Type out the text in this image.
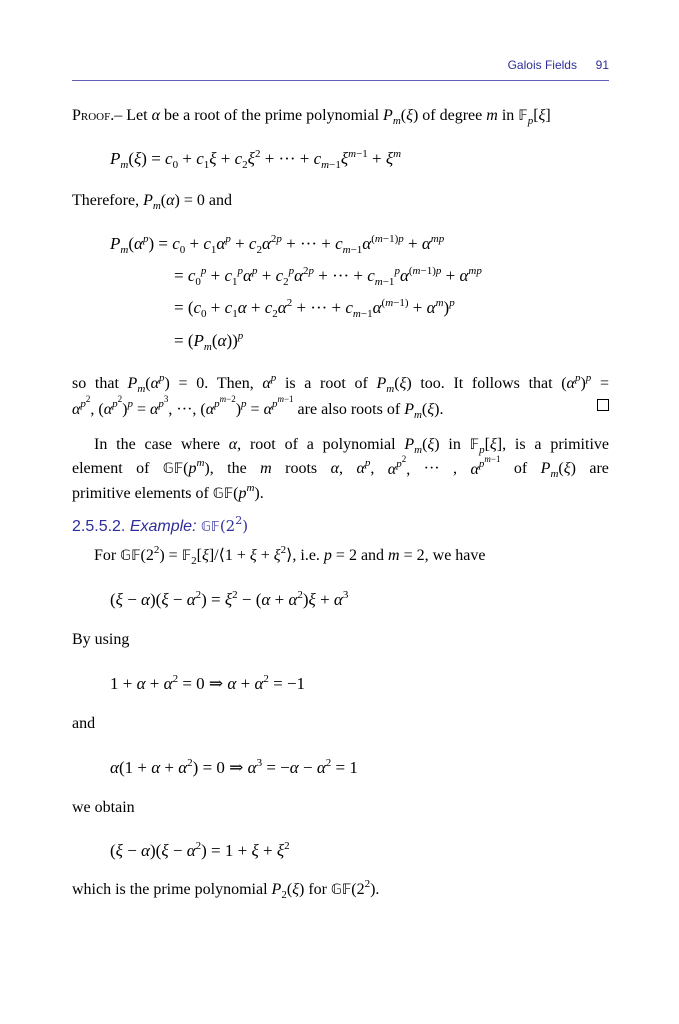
Galois Fields 91
Proof.– Let α be a root of the prime polynomial $P_m(\xi)$ of degree m in 𝔽$_p$[ξ]
$P_m(\xi) = c_0 + c_1\xi + c_2\xi^2$ + ··· + $c_{m-1}\xi^{m-1} + \xi^m$
Therefore, $P_m(\alpha) = 0$ and
$P_m(\alpha^p) = c_0 + c_1\alpha^p + c_2\alpha^{2p}$ + ··· + $c_{m-1}\alpha^{(m-1)p} + \alpha^{mp}$
= $c_0^p + c_1^p\alpha^p + c_2^p\alpha^{2p}$ + ··· + $c_{m-1}^p\alpha^{(m-1)p} + \alpha^{mp}$
= ($c_0 + c_1\alpha + c_2\alpha^2$ + ··· + $c_{m-1}\alpha^{(m-1)} + \alpha^m)^p$
= $(P_m(\alpha))^p$
so that $P_m(\alpha^p) = 0$. Then, $\alpha^p$ is a root of $P_m(\xi)$ too. It follows that $(\alpha^p)^p$ =
$\alpha^{p^2}$, $(\alpha^{p^2})^p = \alpha^{p^3}$, ···, $(\alpha^{p^{m-2}})^p = \alpha^{p^{m-1}}$ are also roots of $P_m(\xi)$.
In the case where α, root of a polynomial $P_m(\xi)$ in 𝔽$_p$[ξ], is a primitive
element of $𝔾𝔽(p^m)$, the m roots α, $\alpha^p$, $\alpha^{p^2}$, ··· , $\alpha^{p^{m-1}}$
of $P_m(\xi)$ are
primitive elements of $𝔾𝔽(p^m)$.
2.5.5.2. Example: $𝔾𝔽(2^2)$
For $𝔾𝔽(2^2)$ = 𝔽$_2$[ξ]/⟨1 + $\xi + \xi^2⟩$, i.e. p = 2 and m = 2, we have
$(\xi - \alpha)(\xi - \alpha^2) = \xi^2 - (\alpha + \alpha^2)\xi + \alpha^3$
By using
$1 + \alpha + \alpha^2 = 0$ ⇒ $\alpha + \alpha^2 = -1$
and
$\alpha(1 + \alpha + \alpha^2) = 0$ ⇒ $\alpha^3 = -\alpha - \alpha^2 = 1$
we obtain
$(\xi - \alpha)(\xi - \alpha^2) = 1 + \xi + \xi^2$
which is the prime polynomial $P_2(\xi)$ for $𝔾𝔽(2^2)$.
